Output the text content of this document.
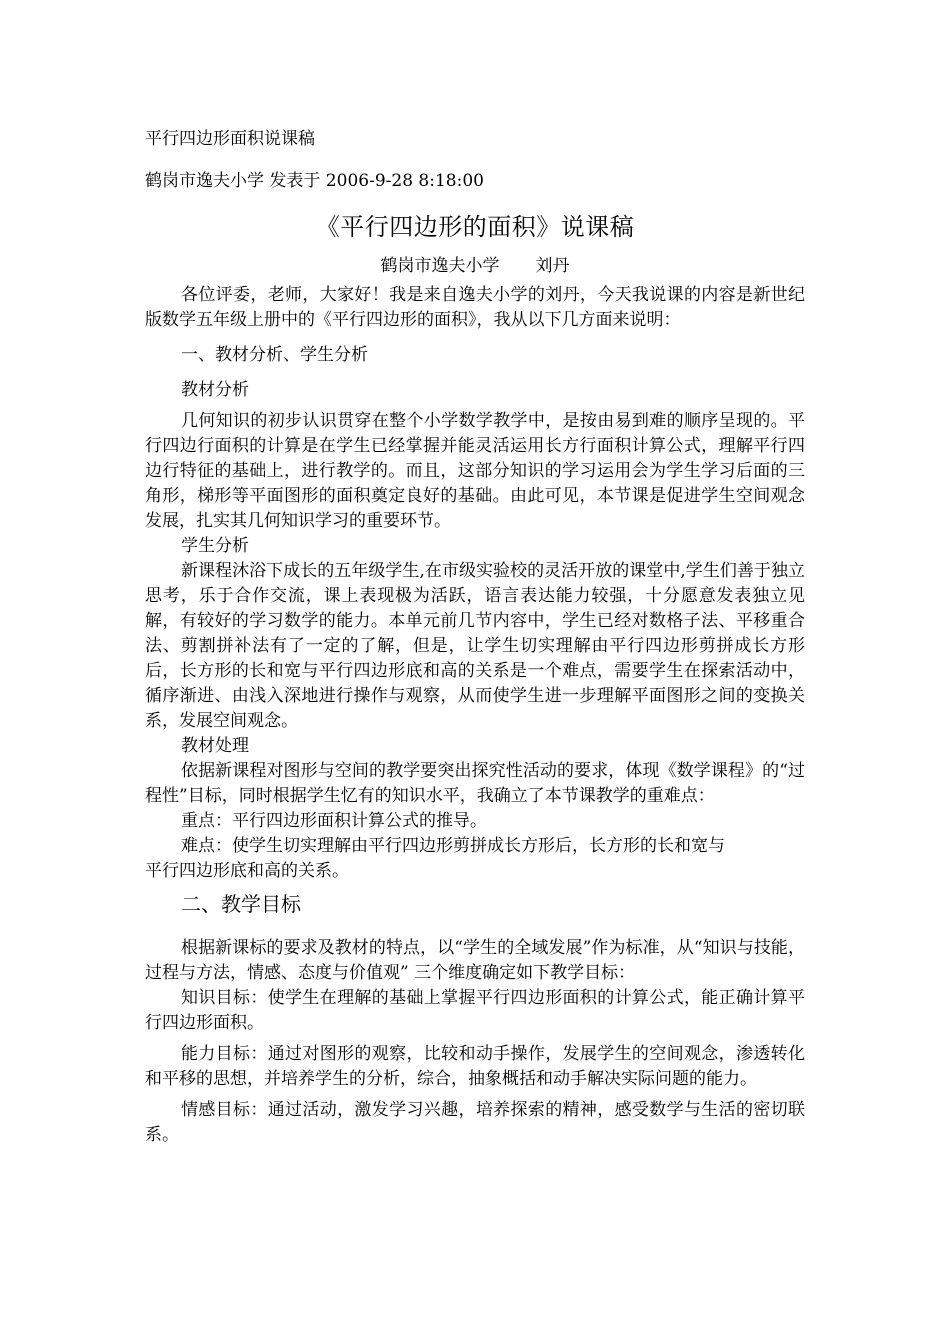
平行四边形面积说课稿
鹤岗市逸夫小学 发表于 2006-9-28 8:18:00
《平行四边形的面积》说课稿
鹤岗市逸夫小学 刘丹

各位评委，老师，大家好！我是来自逸夫小学的刘丹，今天我说课的内容是新世纪版数学五年级上册中的《平行四边形的面积》，我从以下几方面来说明：

一、教材分析、学生分析

教材分析

几何知识的初步认识贯穿在整个小学数学教学中，是按由易到难的顺序呈现的。平行四边行面积的计算是在学生已经掌握并能灵活运用长方行面积计算公式，理解平行四边行特征的基础上，进行教学的。而且，这部分知识的学习运用会为学生学习后面的三角形，梯形等平面图形的面积奠定良好的基础。由此可见，本节课是促进学生空间观念发展，扎实其几何知识学习的重要环节。

学生分析

新课程沐浴下成长的五年级学生,在市级实验校的灵活开放的课堂中,学生们善于独立思考，乐于合作交流，课上表现极为活跃，语言表达能力较强，十分愿意发表独立见解，有较好的学习数学的能力。本单元前几节内容中，学生已经对数格子法、平移重合法、剪割拼补法有了一定的了解，但是，让学生切实理解由平行四边形剪拼成长方形后，长方形的长和宽与平行四边形底和高的关系是一个难点，需要学生在探索活动中，循序渐进、由浅入深地进行操作与观察，从而使学生进一步理解平面图形之间的变换关系，发展空间观念。

教材处理

依据新课程对图形与空间的教学要突出探究性活动的要求，体现《数学课程》的“过程性”目标，同时根据学生忆有的知识水平，我确立了本节课教学的重难点：

重点：平行四边形面积计算公式的推导。

难点：使学生切实理解由平行四边形剪拼成长方形后，长方形的长和宽与
平行四边形底和高的关系。

二、教学目标

根据新课标的要求及教材的特点，以“学生的全域发展”作为标准，从“知识与技能，过程与方法，情感、态度与价值观” 三个维度确定如下教学目标：

知识目标：使学生在理解的基础上掌握平行四边形面积的计算公式，能正确计算平行四边形面积。

能力目标：通过对图形的观察，比较和动手操作，发展学生的空间观念，渗透转化和平移的思想，并培养学生的分析，综合，抽象概括和动手解决实际问题的能力。

情感目标：通过活动，激发学习兴趣，培养探索的精神，感受数学与生活的密切联系。
